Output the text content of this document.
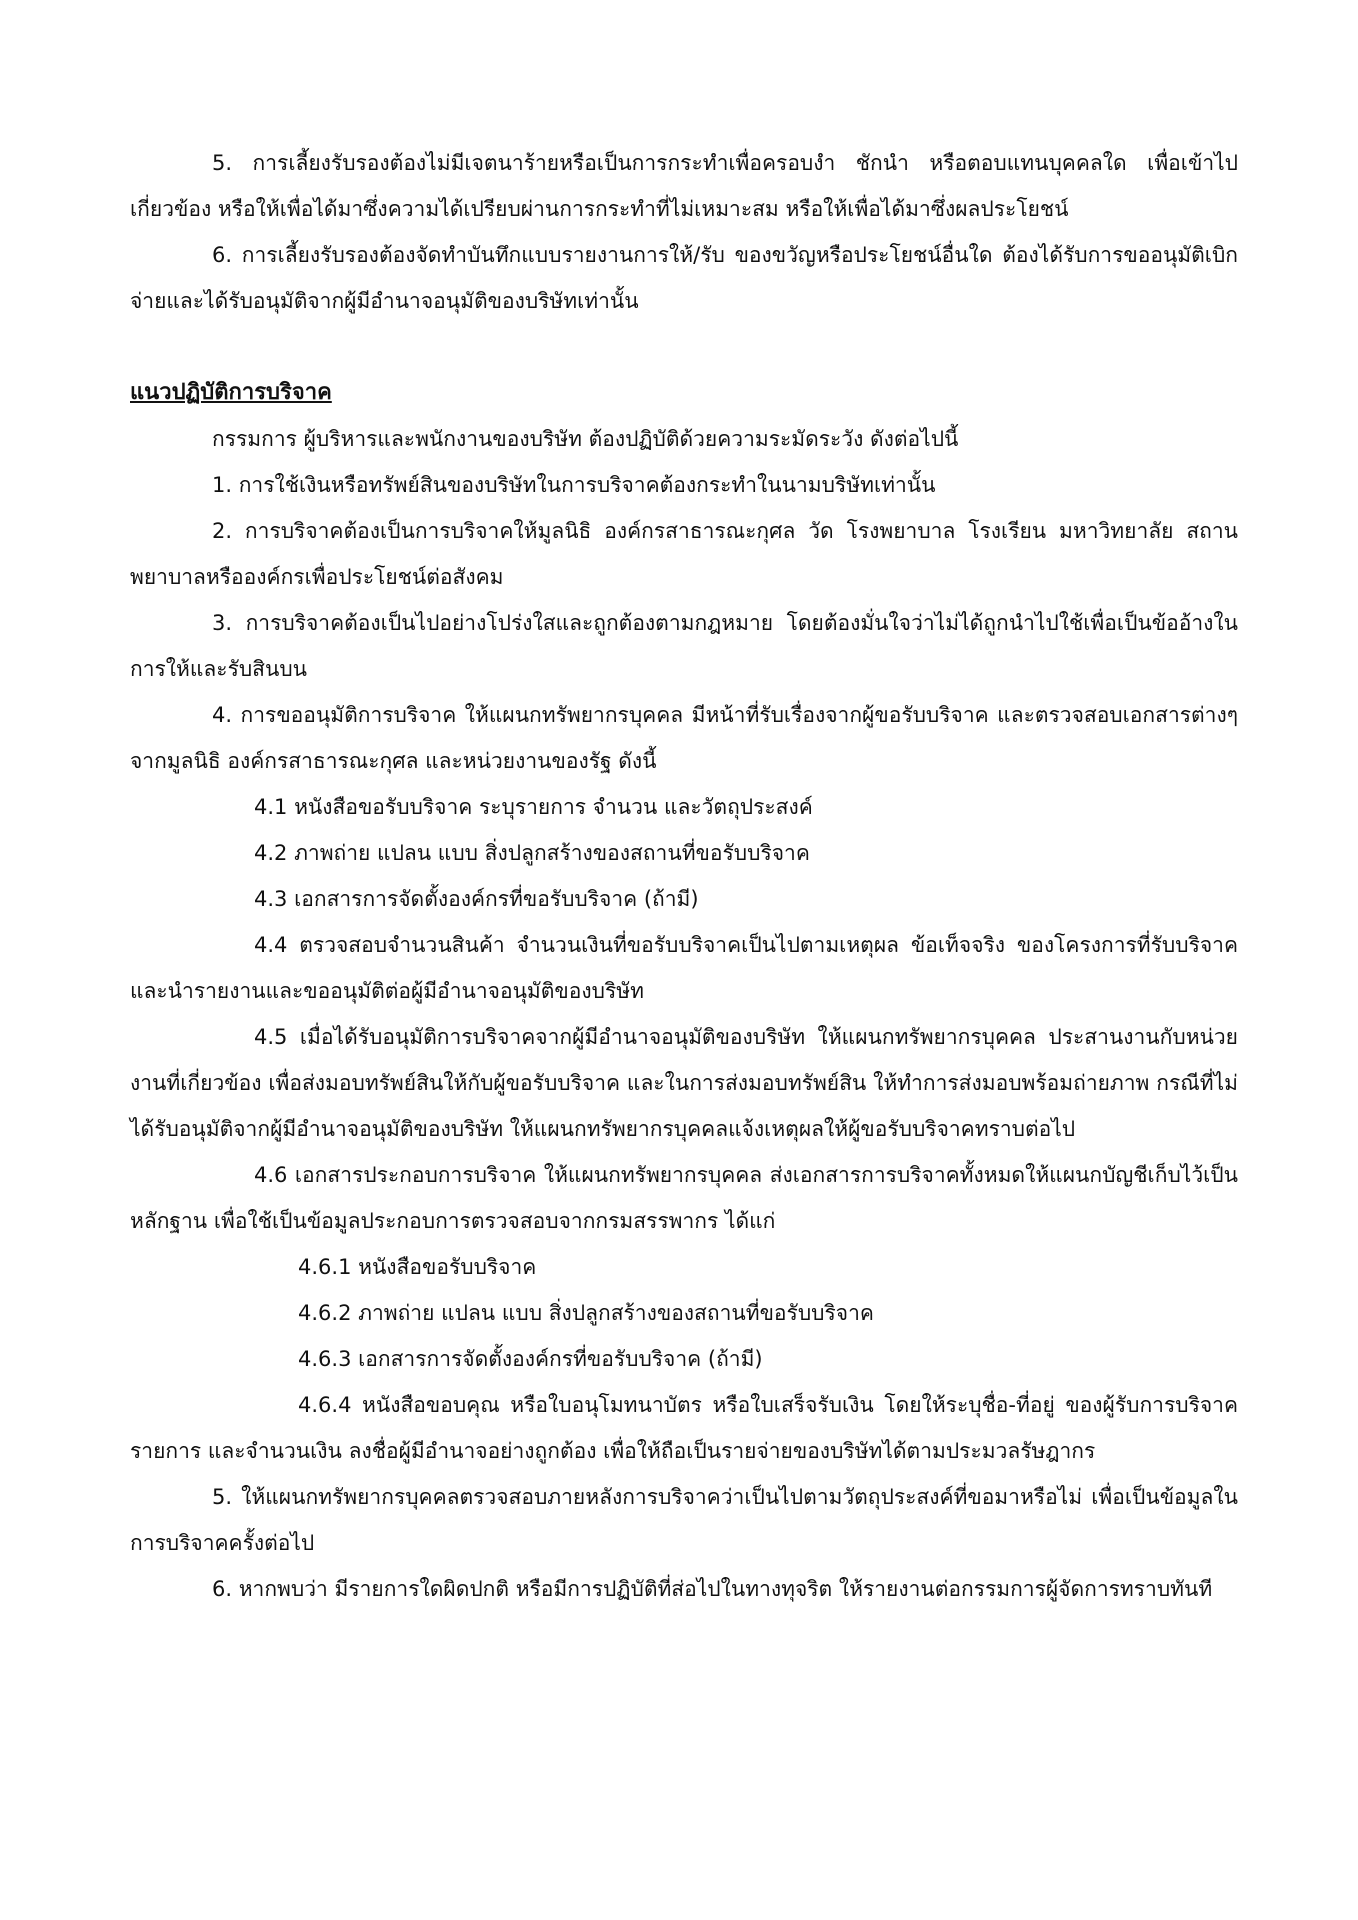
5. การเลี้ยงรับรองต้องไม่มีเจตนาร้ายหรือเป็นการกระทำเพื่อครอบงำ ชักนำ หรือตอบแทนบุคคลใด เพื่อเข้าไปเกี่ยวข้อง หรือให้เพื่อได้มาซึ่งความได้เปรียบผ่านการกระทำที่ไม่เหมาะสม หรือให้เพื่อได้มาซึ่งผลประโยชน์

6. การเลี้ยงรับรองต้องจัดทำบันทึกแบบรายงานการให้/รับ ของขวัญหรือประโยชน์อื่นใด ต้องได้รับการขออนุมัติเบิกจ่ายและได้รับอนุมัติจากผู้มีอำนาจอนุมัติของบริษัทเท่านั้น

แนวปฏิบัติการบริจาค

กรรมการ ผู้บริหารและพนักงานของบริษัท ต้องปฏิบัติด้วยความระมัดระวัง ดังต่อไปนี้

1. การใช้เงินหรือทรัพย์สินของบริษัทในการบริจาคต้องกระทำในนามบริษัทเท่านั้น

2. การบริจาคต้องเป็นการบริจาคให้มูลนิธิ องค์กรสาธารณะกุศล วัด โรงพยาบาล โรงเรียน มหาวิทยาลัย สถานพยาบาลหรือองค์กรเพื่อประโยชน์ต่อสังคม

3. การบริจาคต้องเป็นไปอย่างโปร่งใสและถูกต้องตามกฎหมาย โดยต้องมั่นใจว่าไม่ได้ถูกนำไปใช้เพื่อเป็นข้ออ้างในการให้และรับสินบน

4. การขออนุมัติการบริจาค ให้แผนกทรัพยากรบุคคล มีหน้าที่รับเรื่องจากผู้ขอรับบริจาค และตรวจสอบเอกสารต่างๆ จากมูลนิธิ องค์กรสาธารณะกุศล และหน่วยงานของรัฐ ดังนี้

4.1 หนังสือขอรับบริจาค ระบุรายการ จำนวน และวัตถุประสงค์

4.2 ภาพถ่าย แปลน แบบ สิ่งปลูกสร้างของสถานที่ขอรับบริจาค

4.3 เอกสารการจัดตั้งองค์กรที่ขอรับบริจาค (ถ้ามี)

4.4 ตรวจสอบจำนวนสินค้า จำนวนเงินที่ขอรับบริจาคเป็นไปตามเหตุผล ข้อเท็จจริง ของโครงการที่รับบริจาคและนำรายงานและขออนุมัติต่อผู้มีอำนาจอนุมัติของบริษัท

4.5 เมื่อได้รับอนุมัติการบริจาคจากผู้มีอำนาจอนุมัติของบริษัท ให้แผนกทรัพยากรบุคคล ประสานงานกับหน่วยงานที่เกี่ยวข้อง เพื่อส่งมอบทรัพย์สินให้กับผู้ขอรับบริจาค และในการส่งมอบทรัพย์สิน ให้ทำการส่งมอบพร้อมถ่ายภาพ กรณีที่ไม่ได้รับอนุมัติจากผู้มีอำนาจอนุมัติของบริษัท ให้แผนกทรัพยากรบุคคลแจ้งเหตุผลให้ผู้ขอรับบริจาคทราบต่อไป

4.6 เอกสารประกอบการบริจาค ให้แผนกทรัพยากรบุคคล ส่งเอกสารการบริจาคทั้งหมดให้แผนกบัญชีเก็บไว้เป็นหลักฐาน เพื่อใช้เป็นข้อมูลประกอบการตรวจสอบจากกรมสรรพากร ได้แก่

4.6.1 หนังสือขอรับบริจาค

4.6.2 ภาพถ่าย แปลน แบบ สิ่งปลูกสร้างของสถานที่ขอรับบริจาค

4.6.3 เอกสารการจัดตั้งองค์กรที่ขอรับบริจาค (ถ้ามี)

4.6.4 หนังสือขอบคุณ หรือใบอนุโมทนาบัตร หรือใบเสร็จรับเงิน โดยให้ระบุชื่อ-ที่อยู่ ของผู้รับการบริจาค รายการ และจำนวนเงิน ลงชื่อผู้มีอำนาจอย่างถูกต้อง เพื่อให้ถือเป็นรายจ่ายของบริษัทได้ตามประมวลรัษฎากร

5. ให้แผนกทรัพยากรบุคคลตรวจสอบภายหลังการบริจาคว่าเป็นไปตามวัตถุประสงค์ที่ขอมาหรือไม่ เพื่อเป็นข้อมูลในการบริจาคครั้งต่อไป

6. หากพบว่า มีรายการใดผิดปกติ หรือมีการปฏิบัติที่ส่อไปในทางทุจริต ให้รายงานต่อกรรมการผู้จัดการทราบทันที
